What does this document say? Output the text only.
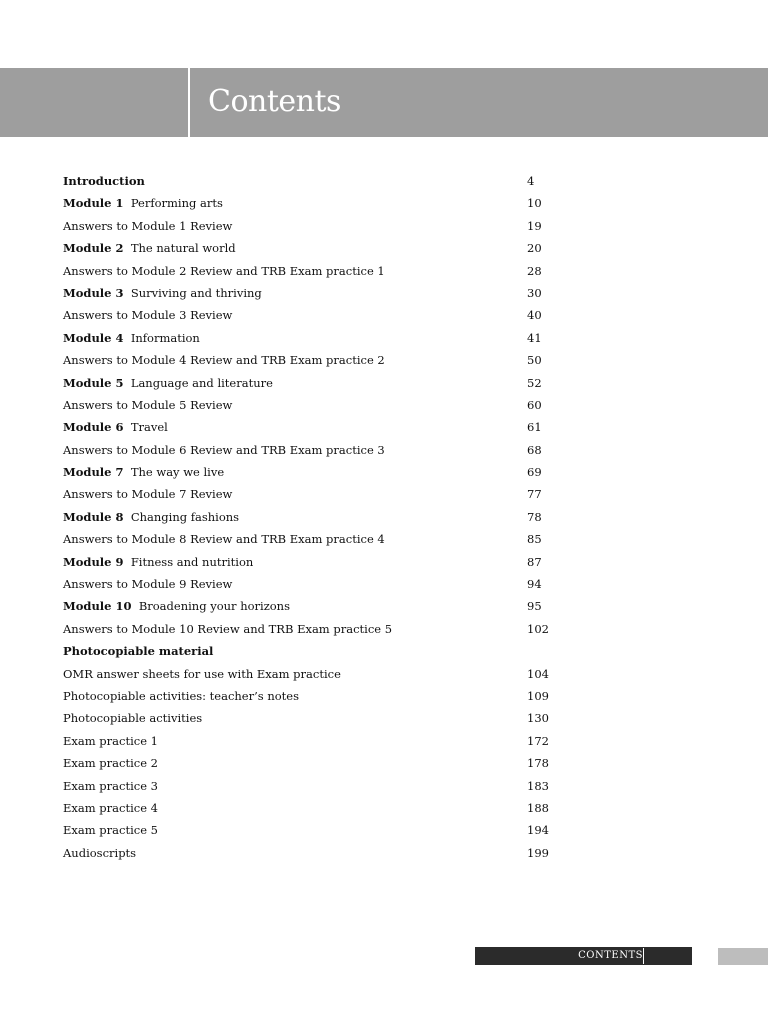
Contents
Introduction	4
Module 1 Performing arts	10
Answers to Module 1 Review	19
Module 2 The natural world	20
Answers to Module 2 Review and TRB Exam practice 1	28
Module 3 Surviving and thriving	30
Answers to Module 3 Review	40
Module 4 Information	41
Answers to Module 4 Review and TRB Exam practice 2	50
Module 5 Language and literature	52
Answers to Module 5 Review	60
Module 6 Travel	61
Answers to Module 6 Review and TRB Exam practice 3	68
Module 7 The way we live	69
Answers to Module 7 Review	77
Module 8 Changing fashions	78
Answers to Module 8 Review and TRB Exam practice 4	85
Module 9 Fitness and nutrition	87
Answers to Module 9 Review	94
Module 10 Broadening your horizons	95
Answers to Module 10 Review and TRB Exam practice 5	102
Photocopiable material
OMR answer sheets for use with Exam practice	104
Photocopiable activities: teacher’s notes	109
Photocopiable activities	130
Exam practice 1	172
Exam practice 2	178
Exam practice 3	183
Exam practice 4	188
Exam practice 5	194
Audioscripts	199
CONTENTS
